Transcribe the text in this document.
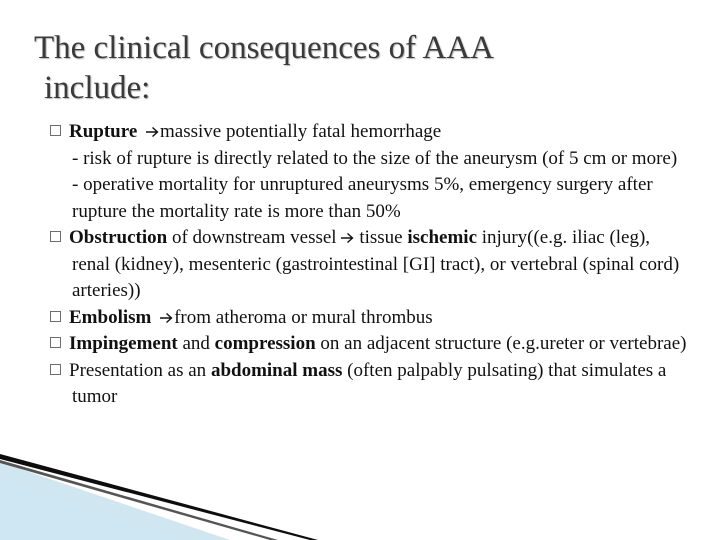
The clinical consequences of AAA
include:
Rupture massive potentially fatal hemorrhage
- risk of rupture is directly related to the size of the aneurysm (of 5 cm or more)
- operative mortality for unruptured aneurysms 5%, emergency surgery after rupture the mortality rate is more than 50%
Obstruction of downstream vessel tissue ischemic injury((e.g. iliac (leg), renal (kidney), mesenteric (gastrointestinal [GI] tract), or vertebral (spinal cord) arteries))
Embolism from atheroma or mural thrombus
Impingement and compression on an adjacent structure (e.g.ureter or vertebrae)
Presentation as an abdominal mass (often palpably pulsating) that simulates a tumor
